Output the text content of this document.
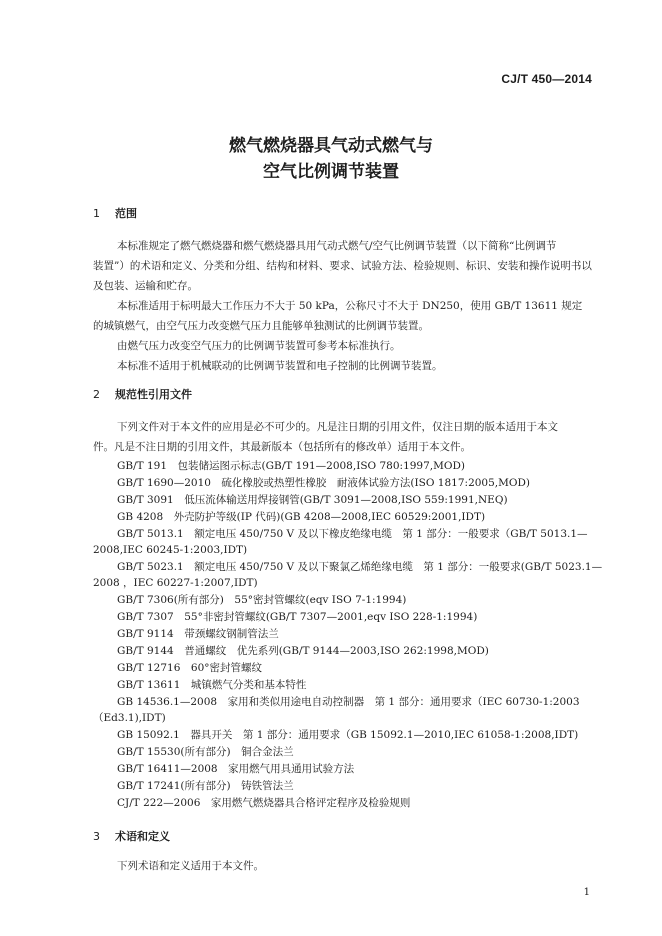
CJ/T 450—2014
燃气燃烧器具气动式燃气与
空气比例调节装置
1 范围
本标准规定了燃气燃烧器和燃气燃烧器具用气动式燃气/空气比例调节装置（以下简称“比例调节
装置”）的术语和定义、分类和分组、结构和材料、要求、试验方法、检验规则、标识、安装和操作说明书以
及包装、运输和贮存。
本标准适用于标明最大工作压力不大于 50 kPa，公称尺寸不大于 DN250，使用 GB/T 13611 规定
的城镇燃气，由空气压力改变燃气压力且能够单独测试的比例调节装置。
由燃气压力改变空气压力的比例调节装置可参考本标准执行。
本标准不适用于机械联动的比例调节装置和电子控制的比例调节装置。
2 规范性引用文件
下列文件对于本文件的应用是必不可少的。凡是注日期的引用文件，仅注日期的版本适用于本文
件。凡是不注日期的引用文件，其最新版本（包括所有的修改单）适用于本文件。
GB/T 191　包装储运图示标志(GB/T 191—2008,ISO 780:1997,MOD)
GB/T 1690—2010　硫化橡胶或热塑性橡胶　耐液体试验方法(ISO 1817:2005,MOD)
GB/T 3091　低压流体输送用焊接钢管(GB/T 3091—2008,ISO 559:1991,NEQ)
GB 4208　外壳防护等级(IP 代码)(GB 4208—2008,IEC 60529:2001,IDT)
GB/T 5013.1　额定电压 450/750 V 及以下橡皮绝缘电缆　第 1 部分：一般要求（GB/T 5013.1—
2008,IEC 60245-1:2003,IDT)
GB/T 5023.1　额定电压 450/750 V 及以下聚氯乙烯绝缘电缆　第 1 部分：一般要求(GB/T 5023.1—
2008 ，IEC 60227-1:2007,IDT)
GB/T 7306(所有部分)　55°密封管螺纹(eqv ISO 7-1:1994)
GB/T 7307　55°非密封管螺纹(GB/T 7307—2001,eqv ISO 228-1:1994)
GB/T 9114　带颈螺纹钢制管法兰
GB/T 9144　普通螺纹　优先系列(GB/T 9144—2003,ISO 262:1998,MOD)
GB/T 12716　60°密封管螺纹
GB/T 13611　城镇燃气分类和基本特性
GB 14536.1—2008　家用和类似用途电自动控制器　第 1 部分：通用要求（IEC 60730-1:2003
（Ed3.1),IDT)
GB 15092.1　器具开关　第 1 部分：通用要求（GB 15092.1—2010,IEC 61058-1:2008,IDT)
GB/T 15530(所有部分)　铜合金法兰
GB/T 16411—2008　家用燃气用具通用试验方法
GB/T 17241(所有部分)　铸铁管法兰
CJ/T 222—2006　家用燃气燃烧器具合格评定程序及检验规则
3 术语和定义
下列术语和定义适用于本文件。
1
